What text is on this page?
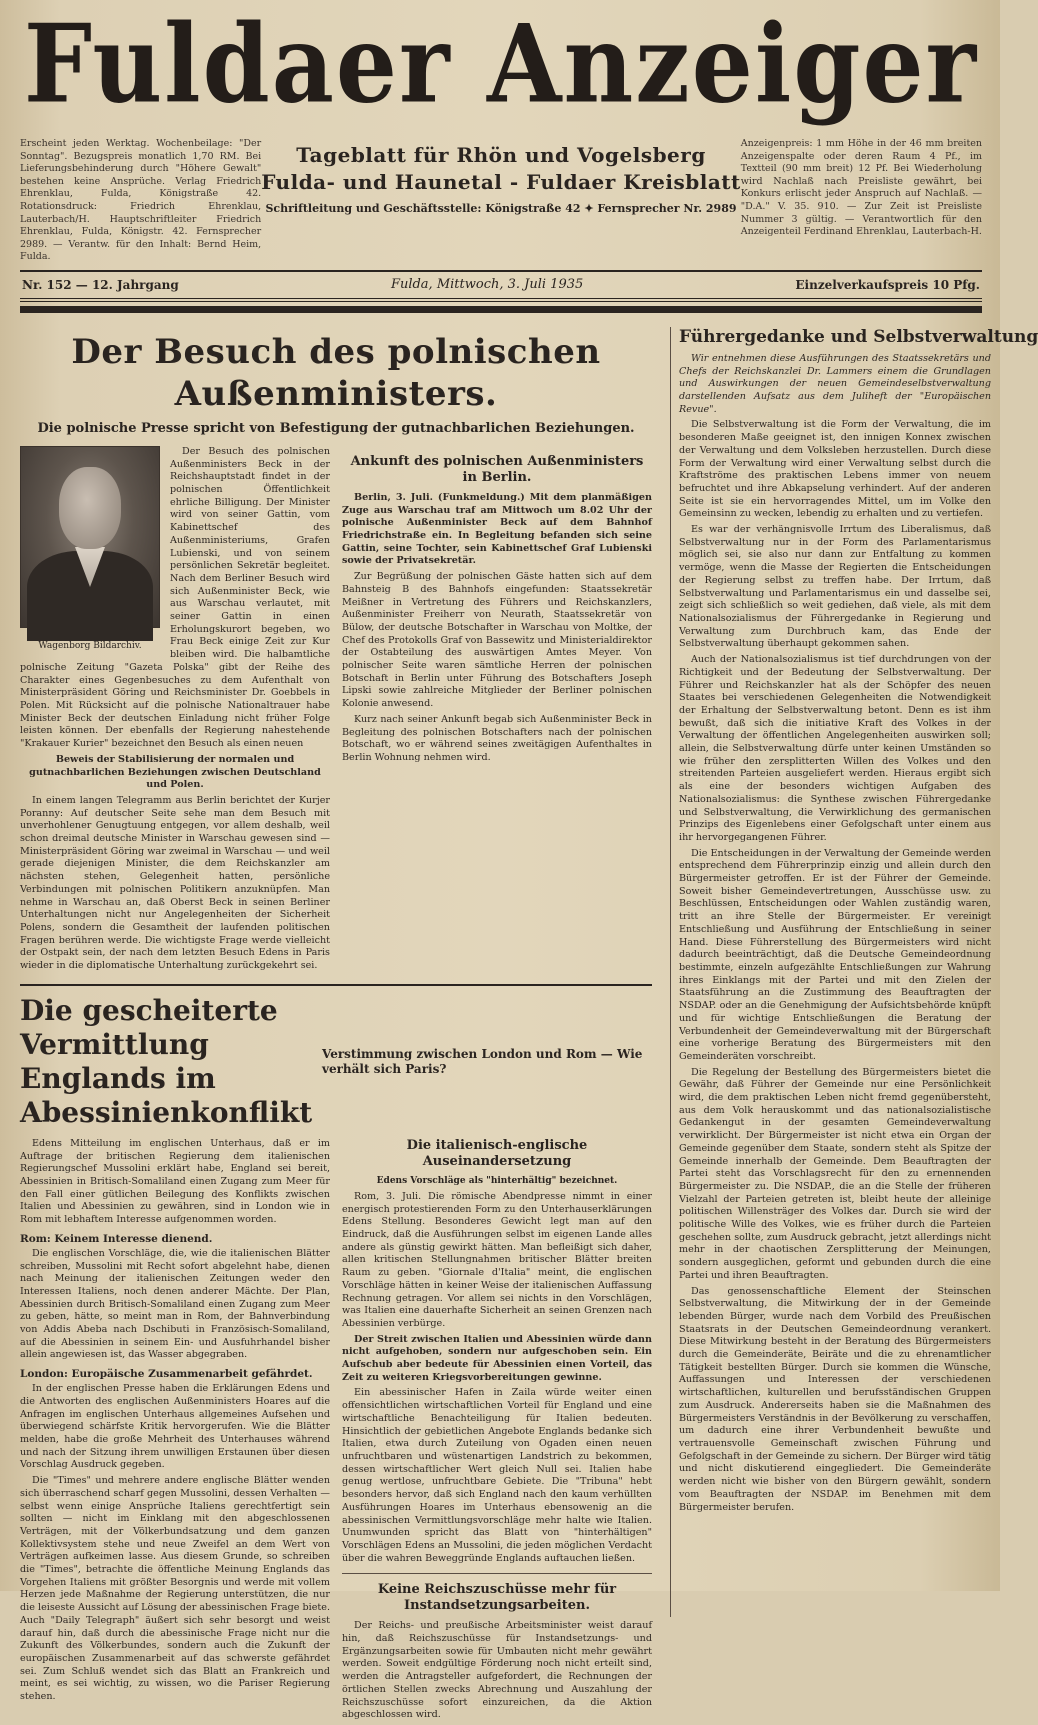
Fuldaer Anzeiger
Erscheint jeden Werktag. Wochenbeilage: "Der Sonntag". Bezugspreis monatlich 1,70 RM. Bei Lieferungsbehinderung durch "Höhere Gewalt" bestehen keine Ansprüche. Verlag Friedrich Ehrenklau, Fulda, Königstraße 42. Rotationsdruck: Friedrich Ehrenklau, Lauterbach/H. Hauptschriftleiter Friedrich Ehrenklau, Fulda, Königstr. 42. Fernsprecher 2989. — Verantw. für den Inhalt: Bernd Heim, Fulda.
Tageblatt für Rhön und Vogelsberg
Fulda- und Haunetal - Fuldaer Kreisblatt
Schriftleitung und Geschäftsstelle: Königstraße 42 ✦ Fernsprecher Nr. 2989
Anzeigenpreis: 1 mm Höhe in der 46 mm breiten Anzeigenspalte oder deren Raum 4 Pf., im Textteil (90 mm breit) 12 Pf. Bei Wiederholung wird Nachlaß nach Preisliste gewährt, bei Konkurs erlischt jeder Anspruch auf Nachlaß. — "D.A." V. 35. 910. — Zur Zeit ist Preisliste Nummer 3 gültig. — Verantwortlich für den Anzeigenteil Ferdinand Ehrenklau, Lauterbach-H.
Nr. 152 — 12. Jahrgang	Fulda, Mittwoch, 3. Juli 1935	Einzelverkaufspreis 10 Pfg.
Der Besuch des polnischen Außenministers.
Die polnische Presse spricht von Befestigung der gutnachbarlichen Beziehungen.

Wagenborg Bildarchiv.

Der Besuch des polnischen Außenministers Beck in der Reichshauptstadt findet in der polnischen Öffentlichkeit ehrliche Billigung. Der Minister wird von seiner Gattin, vom Kabinettschef des Außenministeriums, Grafen Lubienski, und von seinem persönlichen Sekretär begleitet. Nach dem Berliner Besuch wird sich Außenminister Beck, wie aus Warschau verlautet, mit seiner Gattin in einen Erholungskurort begeben, wo Frau Beck einige Zeit zur Kur bleiben wird. Die halbamtliche polnische Zeitung "Gazeta Polska" gibt der Reihe des Charakter eines Gegenbesuches zu dem Aufenthalt von Ministerpräsident Göring und Reichsminister Dr. Goebbels in Polen. Mit Rücksicht auf die polnische Nationaltrauer habe Minister Beck der deutschen Einladung nicht früher Folge leisten können. Der ebenfalls der Regierung nahestehende "Krakauer Kurier" bezeichnet den Besuch als einen neuen

Beweis der Stabilisierung der normalen und gutnachbarlichen Beziehungen zwischen Deutschland und Polen.

In einem langen Telegramm aus Berlin berichtet der Kurjer Poranny: Auf deutscher Seite sehe man dem Besuch mit unverhohlener Genugtuung entgegen, vor allem deshalb, weil schon dreimal deutsche Minister in Warschau gewesen sind — Ministerpräsident Göring war zweimal in Warschau — und weil gerade diejenigen Minister, die dem Reichskanzler am nächsten stehen, Gelegenheit hatten, persönliche Verbindungen mit polnischen Politikern anzuknüpfen. Man nehme in Warschau an, daß Oberst Beck in seinen Berliner Unterhaltungen nicht nur Angelegenheiten der Sicherheit Polens, sondern die Gesamtheit der laufenden politischen Fragen berühren werde. Die wichtigste Frage werde vielleicht der Ostpakt sein, der nach dem letzten Besuch Edens in Paris wieder in die diplomatische Unterhaltung zurückgekehrt sei.

Ankunft des polnischen Außenministers in Berlin.

Berlin, 3. Juli. (Funkmeldung.) Mit dem planmäßigen Zuge aus Warschau traf am Mittwoch um 8.02 Uhr der polnische Außenminister Beck auf dem Bahnhof Friedrichstraße ein. In Begleitung befanden sich seine Gattin, seine Tochter, sein Kabinettschef Graf Lubienski sowie der Privatsekretär.

Zur Begrüßung der polnischen Gäste hatten sich auf dem Bahnsteig B des Bahnhofs eingefunden: Staatssekretär Meißner in Vertretung des Führers und Reichskanzlers, Außenminister Freiherr von Neurath, Staatssekretär von Bülow, der deutsche Botschafter in Warschau von Moltke, der Chef des Protokolls Graf von Bassewitz und Ministerialdirektor der Ostabteilung des auswärtigen Amtes Meyer. Von polnischer Seite waren sämtliche Herren der polnischen Botschaft in Berlin unter Führung des Botschafters Joseph Lipski sowie zahlreiche Mitglieder der Berliner polnischen Kolonie anwesend.

Kurz nach seiner Ankunft begab sich Außenminister Beck in Begleitung des polnischen Botschafters nach der polnischen Botschaft, wo er während seines zweitägigen Aufenthaltes in Berlin Wohnung nehmen wird.

Die gescheiterte Vermittlung Englands im Abessinienkonflikt
Verstimmung zwischen London und Rom — Wie verhält sich Paris?

Edens Mitteilung im englischen Unterhaus, daß er im Auftrage der britischen Regierung dem italienischen Regierungschef Mussolini erklärt habe, England sei bereit, Abessinien in Britisch-Somaliland einen Zugang zum Meer für den Fall einer gütlichen Beilegung des Konflikts zwischen Italien und Abessinien zu gewähren, sind in London wie in Rom mit lebhaftem Interesse aufgenommen worden.

Rom: Keinem Interesse dienend.

Die englischen Vorschläge, die, wie die italienischen Blätter schreiben, Mussolini mit Recht sofort abgelehnt habe, dienen nach Meinung der italienischen Zeitungen weder den Interessen Italiens, noch denen anderer Mächte. Der Plan, Abessinien durch Britisch-Somaliland einen Zugang zum Meer zu geben, hätte, so meint man in Rom, der Bahnverbindung von Addis Abeba nach Dschibuti in Französisch-Somaliland, auf die Abessinien in seinem Ein- und Ausfuhrhandel bisher allein angewiesen ist, das Wasser abgegraben.

London: Europäische Zusammenarbeit gefährdet.

In der englischen Presse haben die Erklärungen Edens und die Antworten des englischen Außenministers Hoares auf die Anfragen im englischen Unterhaus allgemeines Aufsehen und überwiegend schärfste Kritik hervorgerufen. Wie die Blätter melden, habe die große Mehrheit des Unterhauses während und nach der Sitzung ihrem unwilligen Erstaunen über diesen Vorschlag Ausdruck gegeben.

Die "Times" und mehrere andere englische Blätter wenden sich überraschend scharf gegen Mussolini, dessen Verhalten — selbst wenn einige Ansprüche Italiens gerechtfertigt sein sollten — nicht im Einklang mit den abgeschlossenen Verträgen, mit der Völkerbundsatzung und dem ganzen Kollektivsystem stehe und neue Zweifel an dem Wert von Verträgen aufkeimen lasse. Aus diesem Grunde, so schreiben die "Times", betrachte die öffentliche Meinung Englands das Vorgehen Italiens mit größter Besorgnis und werde mit vollem Herzen jede Maßnahme der Regierung unterstützen, die nur die leiseste Aussicht auf Lösung der abessinischen Frage biete. Auch "Daily Telegraph" äußert sich sehr besorgt und weist darauf hin, daß durch die abessinische Frage nicht nur die Zukunft des Völkerbundes, sondern auch die Zukunft der europäischen Zusammenarbeit auf das schwerste gefährdet sei. Zum Schluß wendet sich das Blatt an Frankreich und meint, es sei wichtig, zu wissen, wo die Pariser Regierung stehen.

Die italienisch-englische Auseinandersetzung
Edens Vorschläge als "hinterhältig" bezeichnet.

Rom, 3. Juli. Die römische Abendpresse nimmt in einer energisch protestierenden Form zu den Unterhauserklärungen Edens Stellung. Besonderes Gewicht legt man auf den Eindruck, daß die Ausführungen selbst im eigenen Lande alles andere als günstig gewirkt hätten. Man befleißigt sich daher, allen kritischen Stellungnahmen britischer Blätter breiten Raum zu geben. "Giornale d'Italia" meint, die englischen Vorschläge hätten in keiner Weise der italienischen Auffassung Rechnung getragen. Vor allem sei nichts in den Vorschlägen, was Italien eine dauerhafte Sicherheit an seinen Grenzen nach Abessinien verbürge.

Der Streit zwischen Italien und Abessinien würde dann nicht aufgehoben, sondern nur aufgeschoben sein. Ein Aufschub aber bedeute für Abessinien einen Vorteil, das Zeit zu weiteren Kriegsvorbereitungen gewinne.

Ein abessinischer Hafen in Zaila würde weiter einen offensichtlichen wirtschaftlichen Vorteil für England und eine wirtschaftliche Benachteiligung für Italien bedeuten. Hinsichtlich der gebietlichen Angebote Englands bedanke sich Italien, etwa durch Zuteilung von Ogaden einen neuen unfruchtbaren und wüstenartigen Landstrich zu bekommen, dessen wirtschaftlicher Wert gleich Null sei. Italien habe genug wertlose, unfruchtbare Gebiete. Die "Tribuna" hebt besonders hervor, daß sich England nach den kaum verhüllten Ausführungen Hoares im Unterhaus ebensowenig an die abessinischen Vermittlungsvorschläge mehr halte wie Italien. Unumwunden spricht das Blatt von "hinterhältigen" Vorschlägen Edens an Mussolini, die jeden möglichen Verdacht über die wahren Beweggründe Englands auftauchen ließen.

Keine Reichszuschüsse mehr für Instandsetzungsarbeiten.

Der Reichs- und preußische Arbeitsminister weist darauf hin, daß Reichszuschüsse für Instandsetzungs- und Ergänzungsarbeiten sowie für Umbauten nicht mehr gewährt werden. Soweit endgültige Förderung noch nicht erteilt sind, werden die Antragsteller aufgefordert, die Rechnungen der örtlichen Stellen zwecks Abrechnung und Auszahlung der Reichszuschüsse sofort einzureichen, da die Aktion abgeschlossen wird.

Führergedanke und Selbstverwaltung

Wir entnehmen diese Ausführungen des Staatssekretärs und Chefs der Reichskanzlei Dr. Lammers einem die Grundlagen und Auswirkungen der neuen Gemeindeselbstverwaltung darstellenden Aufsatz aus dem Juliheft der "Europäischen Revue".

Die Selbstverwaltung ist die Form der Verwaltung, die im besonderen Maße geeignet ist, den innigen Konnex zwischen der Verwaltung und dem Volksleben herzustellen. Durch diese Form der Verwaltung wird einer Verwaltung selbst durch die Kraftströme des praktischen Lebens immer von neuem befruchtet und ihre Abkapselung verhindert. Auf der anderen Seite ist sie ein hervorragendes Mittel, um im Volke den Gemeinsinn zu wecken, lebendig zu erhalten und zu vertiefen.

Es war der verhängnisvolle Irrtum des Liberalismus, daß Selbstverwaltung nur in der Form des Parlamentarismus möglich sei, sie also nur dann zur Entfaltung zu kommen vermöge, wenn die Masse der Regierten die Entscheidungen der Regierung selbst zu treffen habe. Der Irrtum, daß Selbstverwaltung und Parlamentarismus ein und dasselbe sei, zeigt sich schließlich so weit gediehen, daß viele, als mit dem Nationalsozialismus der Führergedanke in Regierung und Verwaltung zum Durchbruch kam, das Ende der Selbstverwaltung überhaupt gekommen sahen.

Auch der Nationalsozialismus ist tief durchdrungen von der Richtigkeit und der Bedeutung der Selbstverwaltung. Der Führer und Reichskanzler hat als der Schöpfer des neuen Staates bei verschiedenen Gelegenheiten die Notwendigkeit der Erhaltung der Selbstverwaltung betont. Denn es ist ihm bewußt, daß sich die initiative Kraft des Volkes in der Verwaltung der öffentlichen Angelegenheiten auswirken soll; allein, die Selbstverwaltung dürfe unter keinen Umständen so wie früher den zersplitterten Willen des Volkes und den streitenden Parteien ausgeliefert werden. Hieraus ergibt sich als eine der besonders wichtigen Aufgaben des Nationalsozialismus: die Synthese zwischen Führergedanke und Selbstverwaltung, die Verwirklichung des germanischen Prinzips des Eigenlebens einer Gefolgschaft unter einem aus ihr hervorgegangenen Führer.

Die Entscheidungen in der Verwaltung der Gemeinde werden entsprechend dem Führerprinzip einzig und allein durch den Bürgermeister getroffen. Er ist der Führer der Gemeinde. Soweit bisher Gemeindevertretungen, Ausschüsse usw. zu Beschlüssen, Entscheidungen oder Wahlen zuständig waren, tritt an ihre Stelle der Bürgermeister. Er vereinigt Entschließung und Ausführung der Entschließung in seiner Hand. Diese Führerstellung des Bürgermeisters wird nicht dadurch beeinträchtigt, daß die Deutsche Gemeindeordnung bestimmte, einzeln aufgezählte Entschließungen zur Wahrung ihres Einklangs mit der Partei und mit den Zielen der Staatsführung an die Zustimmung des Beauftragten der NSDAP. oder an die Genehmigung der Aufsichtsbehörde knüpft und für wichtige Entschließungen die Beratung der Verbundenheit der Gemeindeverwaltung mit der Bürgerschaft eine vorherige Beratung des Bürgermeisters mit den Gemeinderäten vorschreibt.

Die Regelung der Bestellung des Bürgermeisters bietet die Gewähr, daß Führer der Gemeinde nur eine Persönlichkeit wird, die dem praktischen Leben nicht fremd gegenübersteht, aus dem Volk herauskommt und das nationalsozialistische Gedankengut in der gesamten Gemeindeverwaltung verwirklicht. Der Bürgermeister ist nicht etwa ein Organ der Gemeinde gegenüber dem Staate, sondern steht als Spitze der Gemeinde innerhalb der Gemeinde. Dem Beauftragten der Partei steht das Vorschlagsrecht für den zu ernennenden Bürgermeister zu. Die NSDAP., die an die Stelle der früheren Vielzahl der Parteien getreten ist, bleibt heute der alleinige politischen Willensträger des Volkes dar. Durch sie wird der politische Wille des Volkes, wie es früher durch die Parteien geschehen sollte, zum Ausdruck gebracht, jetzt allerdings nicht mehr in der chaotischen Zersplitterung der Meinungen, sondern ausgeglichen, geformt und gebunden durch die eine Partei und ihren Beauftragten.

Das genossenschaftliche Element der Steinschen Selbstverwaltung, die Mitwirkung der in der Gemeinde lebenden Bürger, wurde nach dem Vorbild des Preußischen Staatsrats in der Deutschen Gemeindeordnung verankert. Diese Mitwirkung besteht in der Beratung des Bürgermeisters durch die Gemeinderäte, Beiräte und die zu ehrenamtlicher Tätigkeit bestellten Bürger. Durch sie kommen die Wünsche, Auffassungen und Interessen der verschiedenen wirtschaftlichen, kulturellen und berufsständischen Gruppen zum Ausdruck. Andererseits haben sie die Maßnahmen des Bürgermeisters Verständnis in der Bevölkerung zu verschaffen, um dadurch eine ihrer Verbundenheit bewußte und vertrauensvolle Gemeinschaft zwischen Führung und Gefolgschaft in der Gemeinde zu sichern. Der Bürger wird tätig und nicht diskutierend eingegliedert. Die Gemeinderäte werden nicht wie bisher von den Bürgern gewählt, sondern vom Beauftragten der NSDAP. im Benehmen mit dem Bürgermeister berufen.
